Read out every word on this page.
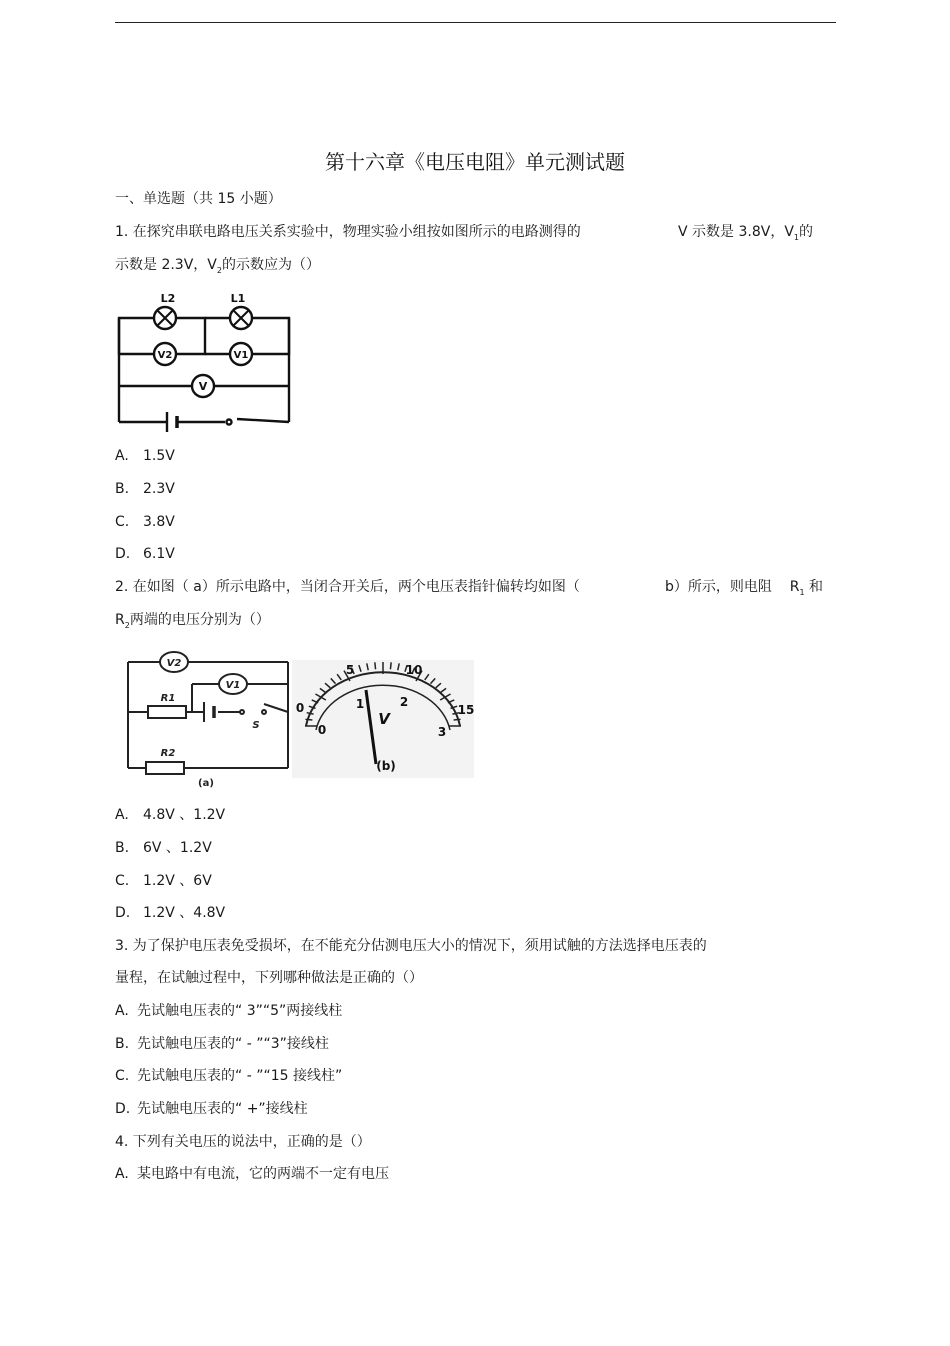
第十六章《电压电阻》单元测试题
一、单选题（共 15 小题）
1. 在探究串联电路电压关系实验中，物理实验小组按如图所示的电路测得的	V 示数是 3.8V，$V_1$的
示数是 2.3V，$V_2$的示数应为（）
L2	L1
V2	V1
V
A. 1.5V
B. 2.3V
C. 3.8V
D. 6.1V
2. 在如图（ a）所示电路中，当闭合开关后，两个电压表指针偏转均如图（	b）所示，则电阻 $R_1$ 和
$R_2$两端的电压分别为（）
V2
V1
R1
R2
S
(a)
0
5	10
15
0
1	2
3
V
(b)
A. 4.8V 、1.2V
B. 6V 、1.2V
C. 1.2V 、6V
D. 1.2V 、4.8V
3. 为了保护电压表免受损坏，在不能充分估测电压大小的情况下，须用试触的方法选择电压表的
量程，在试触过程中，下列哪种做法是正确的（）
A. 先试触电压表的“ 3”“5”两接线柱
B. 先试触电压表的“ - ”“3”接线柱
C. 先试触电压表的“ - ”“15 接线柱”
D. 先试触电压表的“ +”接线柱
4. 下列有关电压的说法中，正确的是（）
A. 某电路中有电流，它的两端不一定有电压
